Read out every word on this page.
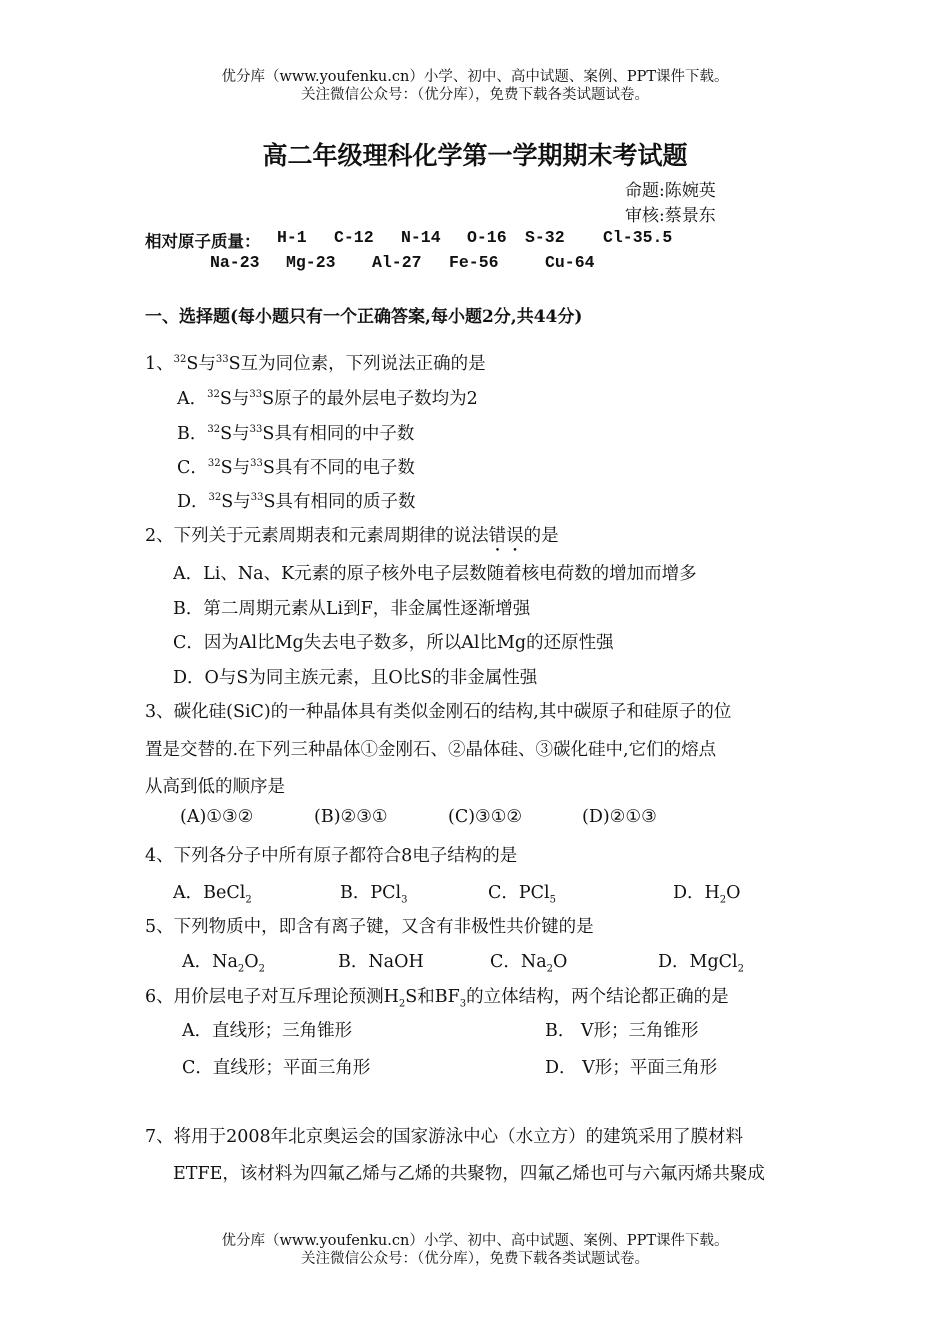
优分库（www.youfenku.cn）小学、初中、高中试题、案例、PPT课件下载。
关注微信公众号：（优分库），免费下载各类试题试卷。
高二年级理科化学第一学期期末考试题
命题:陈婉英
审核:蔡景东
相对原子质量： H-1 C-12 N-14 O-16 S-32 Cl-35.5
Na-23 Mg-23 Al-27 Fe-56	Cu-64
一、选择题(每小题只有一个正确答案,每小题2分,共44分)
1、$^{32}$S与$^{33}$S互为同位素，下列说法正确的是
A．$^{32}$S与$^{33}$S原子的最外层电子数均为2
B．$^{32}$S与$^{33}$S具有相同的中子数
C．$^{32}$S与$^{33}$S具有不同的电子数
D．$^{32}$S与$^{33}$S具有相同的质子数
2、下列关于元素周期表和元素周期律的说法错误的是
A．Li、Na、K元素的原子核外电子层数随着核电荷数的增加而增多
B．第二周期元素从Li到F，非金属性逐渐增强
C．因为Al比Mg失去电子数多，所以Al比Mg的还原性强
D．O与S为同主族元素，且O比S的非金属性强
3、碳化硅(SiC)的一种晶体具有类似金刚石的结构,其中碳原子和硅原子的位
置是交替的.在下列三种晶体①金刚石、②晶体硅、③碳化硅中,它们的熔点
从高到低的顺序是
(A)①③②	(B)②③①	(C)③①②	(D)②①③
4、下列各分子中所有原子都符合8电子结构的是
A．BeCl$_2$	B．PCl$_3$	C．PCl$_5$	D．$H_2O$
5、下列物质中，即含有离子键，又含有非极性共价键的是
A．$Na_2O_2$	B．NaOH	C．$Na_2O$	D．MgCl$_2$
6、用价层电子对互斥理论预测$H_2S$和$BF_3$的立体结构，两个结论都正确的是
A．直线形；三角锥形	B． V形；三角锥形
C．直线形；平面三角形	D． V形；平面三角形
7、将用于2008年北京奥运会的国家游泳中心（水立方）的建筑采用了膜材料
ETFE，该材料为四氟乙烯与乙烯的共聚物，四氟乙烯也可与六氟丙烯共聚成
优分库（www.youfenku.cn）小学、初中、高中试题、案例、PPT课件下载。
关注微信公众号：（优分库），免费下载各类试题试卷。
